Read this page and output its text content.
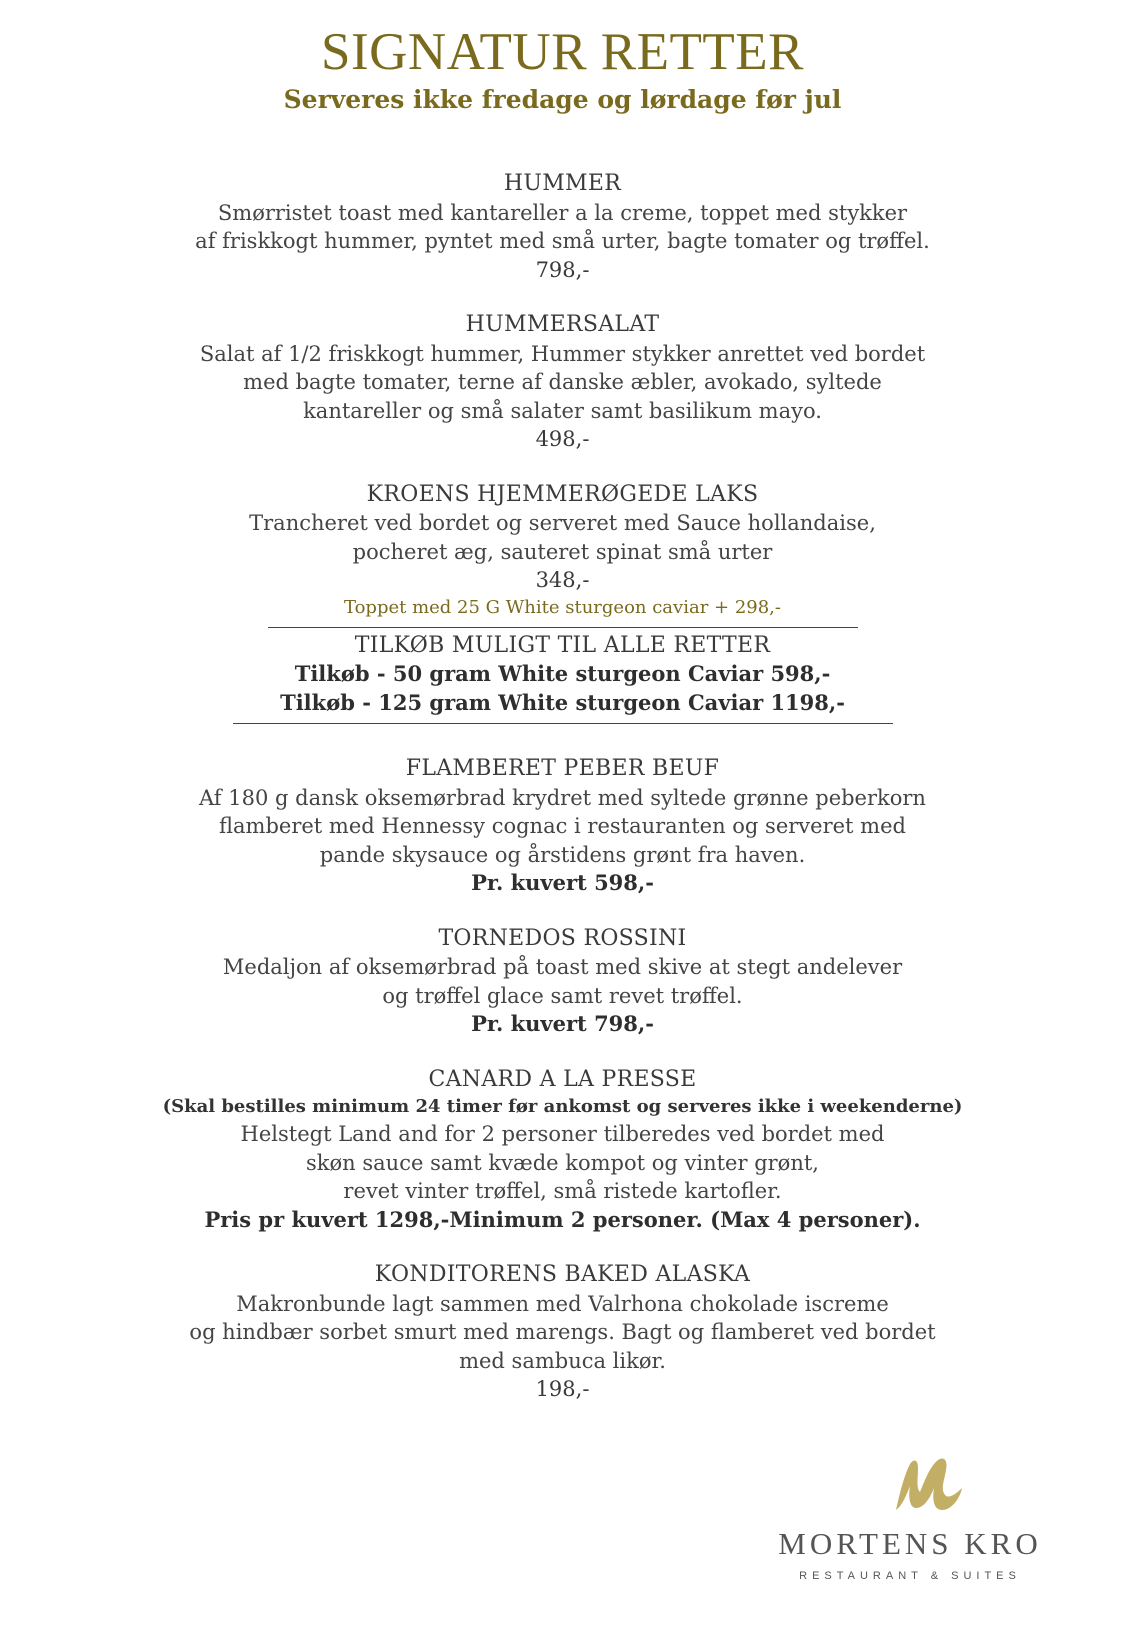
SIGNATUR RETTER
Serveres ikke fredage og lørdage før jul
HUMMER
Smørristet toast med kantareller a la creme, toppet med stykker
af friskkogt hummer, pyntet med små urter, bagte tomater og trøffel.
798,-
HUMMERSALAT
Salat af 1/2 friskkogt hummer, Hummer stykker anrettet ved bordet
med bagte tomater, terne af danske æbler, avokado, syltede
kantareller og små salater samt basilikum mayo.
498,-
KROENS HJEMMERØGEDE LAKS
Trancheret ved bordet og serveret med Sauce hollandaise,
pocheret æg, sauteret spinat små urter
348,-
Toppet med 25 G White sturgeon caviar + 298,-
TILKØB MULIGT TIL ALLE RETTER
Tilkøb - 50 gram White sturgeon Caviar 598,-
Tilkøb - 125 gram White sturgeon Caviar 1198,-
FLAMBERET PEBER BEUF
Af 180 g dansk oksemørbrad krydret med syltede grønne peberkorn
flamberet med Hennessy cognac i restauranten og serveret med
pande skysauce og årstidens grønt fra haven.
Pr. kuvert 598,-
TORNEDOS ROSSINI
Medaljon af oksemørbrad på toast med skive at stegt andelever
og trøffel glace samt revet trøffel.
Pr. kuvert 798,-
CANARD A LA PRESSE
(Skal bestilles minimum 24 timer før ankomst og serveres ikke i weekenderne)
Helstegt Land and for 2 personer tilberedes ved bordet med
skøn sauce samt kvæde kompot og vinter grønt,
revet vinter trøffel, små ristede kartofler.
Pris pr kuvert 1298,-Minimum 2 personer. (Max 4 personer).
KONDITORENS BAKED ALASKA
Makronbunde lagt sammen med Valrhona chokolade iscreme
og hindbær sorbet smurt med marengs. Bagt og flamberet ved bordet
med sambuca likør.
198,-
MORTENS KRO
RESTAURANT & SUITES
